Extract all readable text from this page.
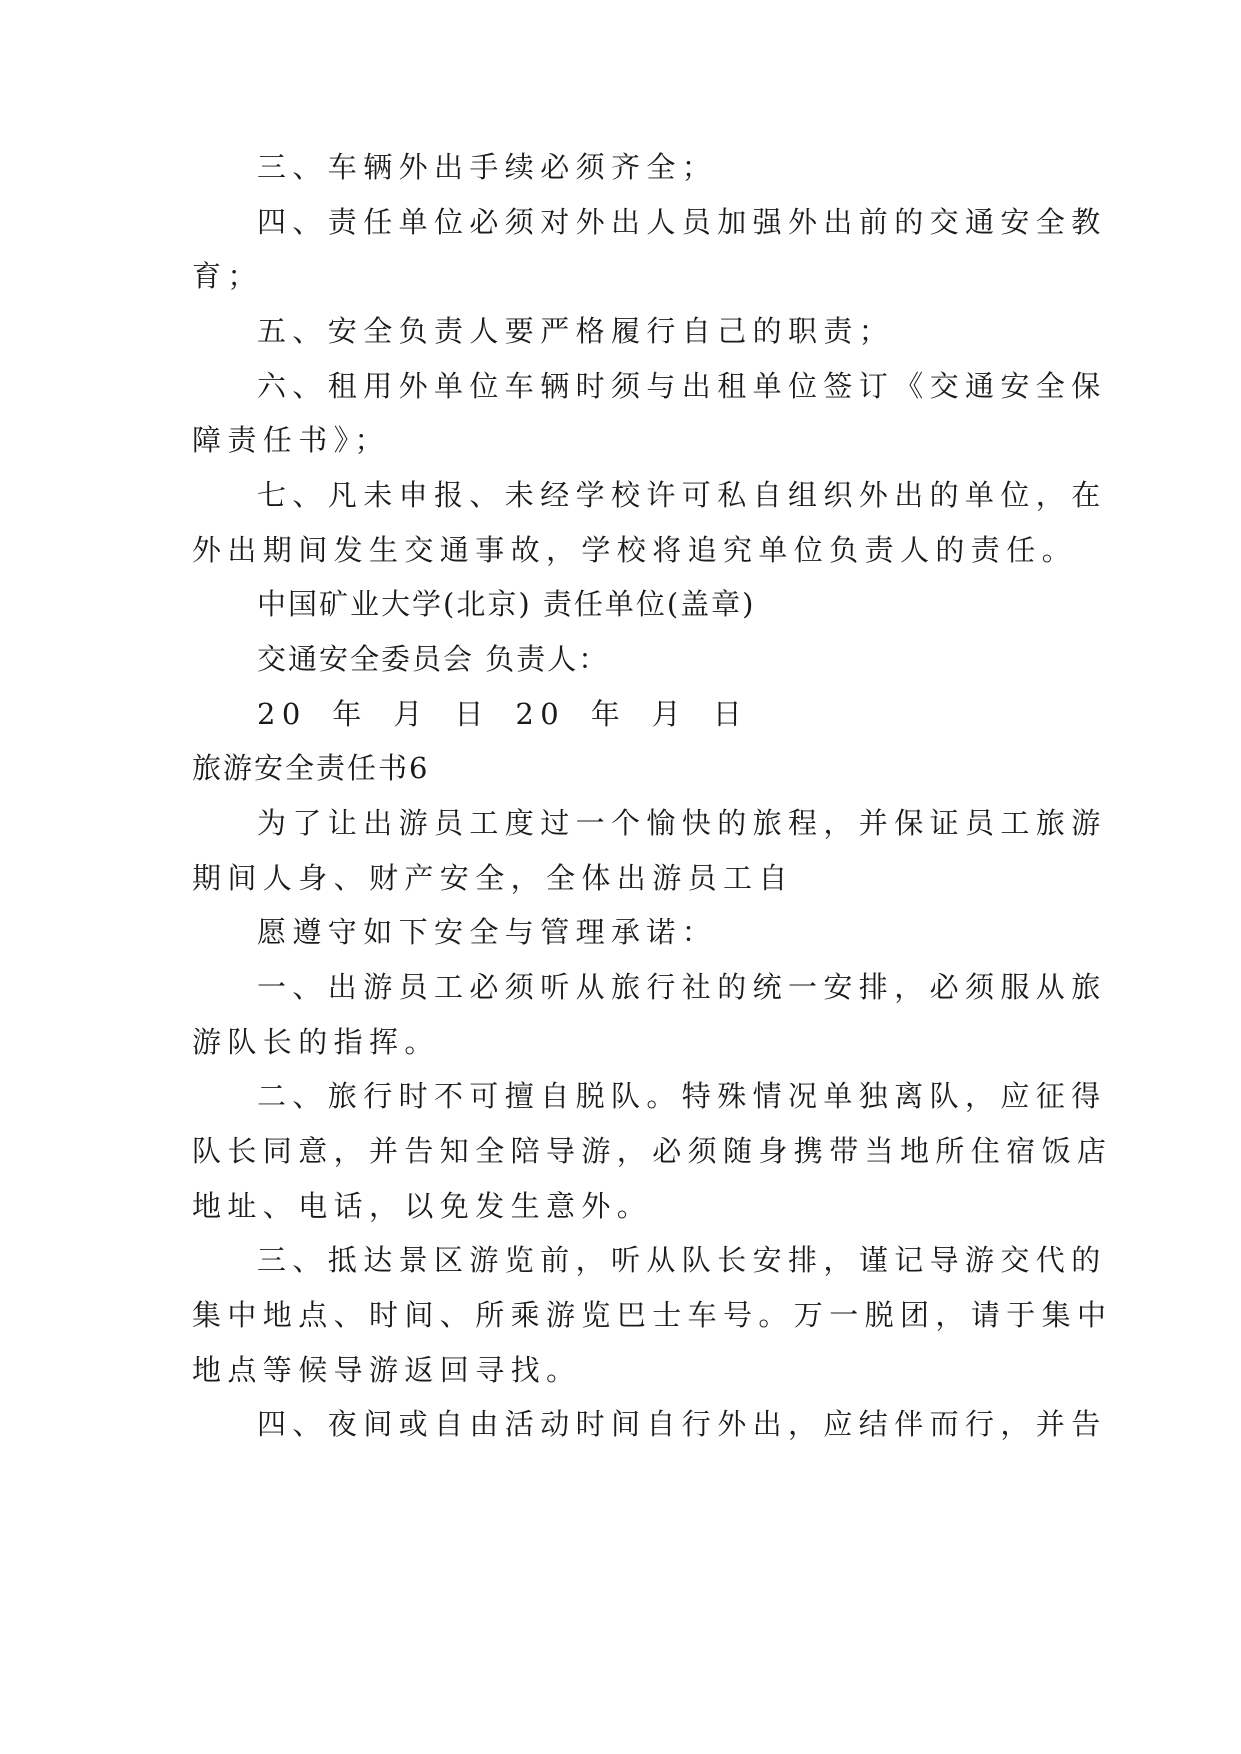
三、车辆外出手续必须齐全；
四、责任单位必须对外出人员加强外出前的交通安全教
育；
五、安全负责人要严格履行自己的职责；
六、租用外单位车辆时须与出租单位签订《交通安全保
障责任书》；
七、凡未申报、未经学校许可私自组织外出的单位，在
外出期间发生交通事故，学校将追究单位负责人的责任。
中国矿业大学(北京) 责任单位(盖章)
交通安全委员会 负责人：
20 年 月 日 20 年 月 日
旅游安全责任书6
为了让出游员工度过一个愉快的旅程，并保证员工旅游
期间人身、财产安全，全体出游员工自
愿遵守如下安全与管理承诺：
一、出游员工必须听从旅行社的统一安排，必须服从旅
游队长的指挥。
二、旅行时不可擅自脱队。特殊情况单独离队，应征得
队长同意，并告知全陪导游，必须随身携带当地所住宿饭店
地址、电话，以免发生意外。
三、抵达景区游览前，听从队长安排，谨记导游交代的
集中地点、时间、所乘游览巴士车号。万一脱团，请于集中
地点等候导游返回寻找。
四、夜间或自由活动时间自行外出，应结伴而行，并告
